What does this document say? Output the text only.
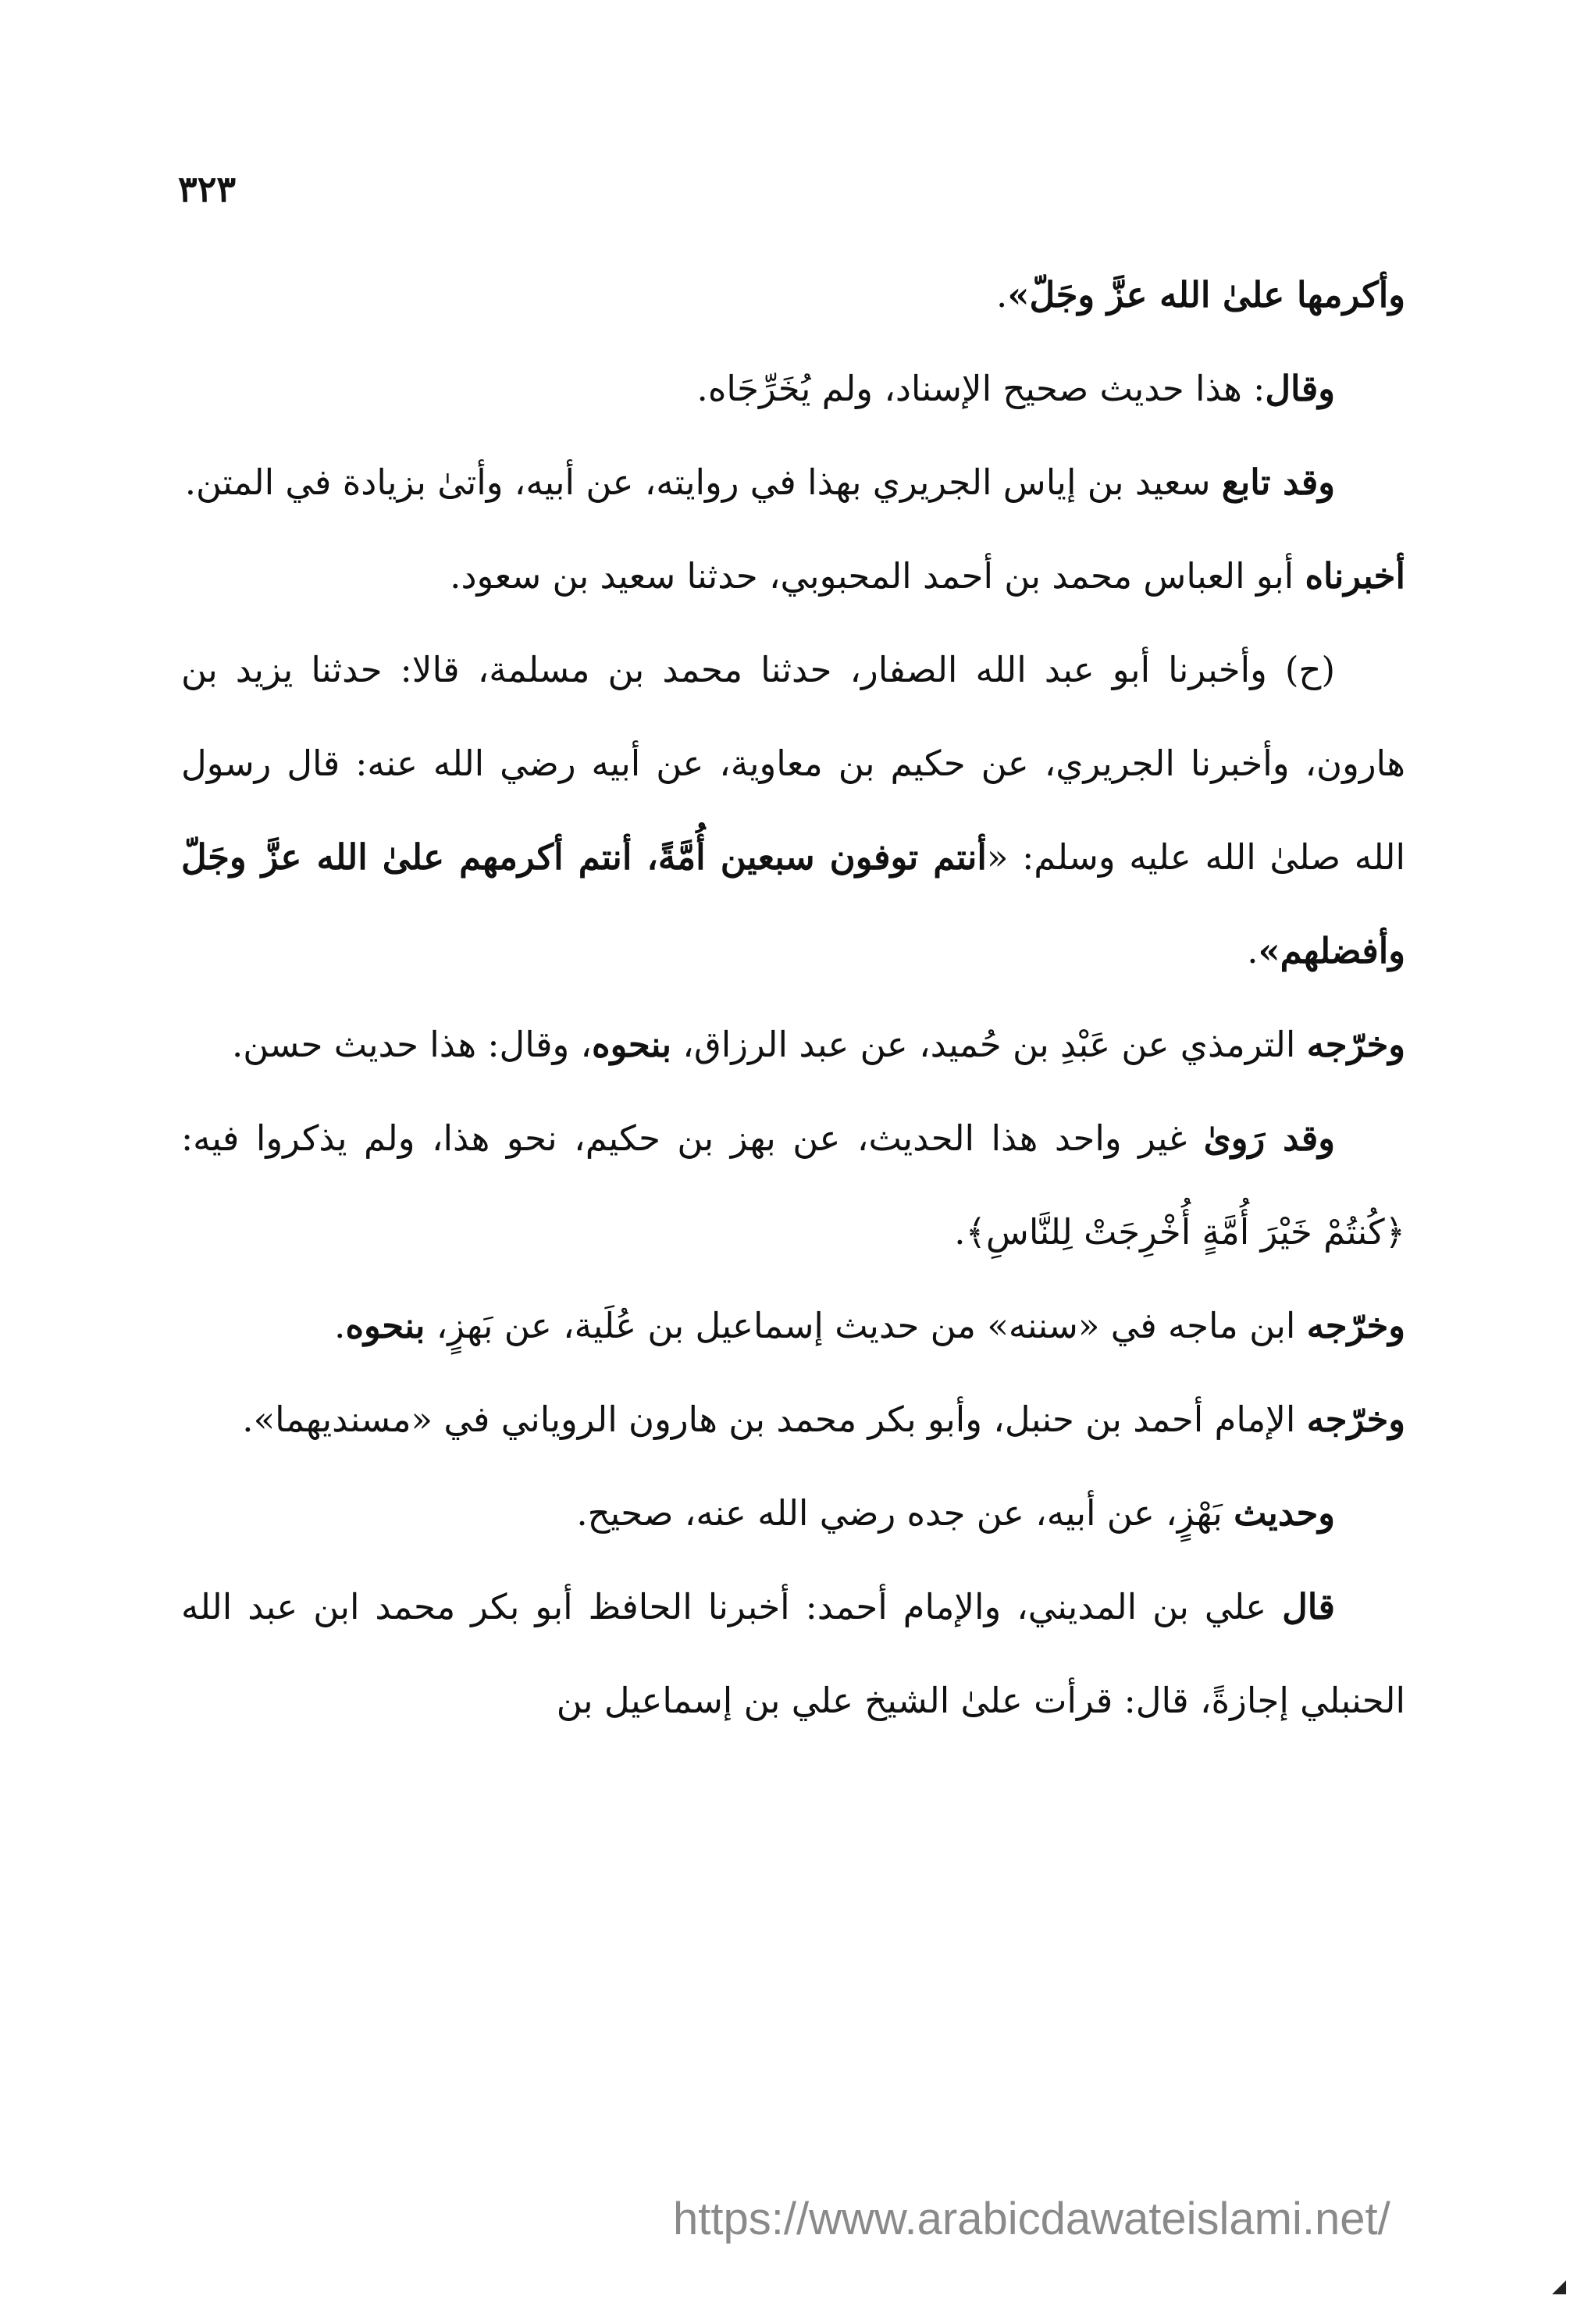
٣٢٣

وأكرمها علىٰ الله عزَّ وجَلّ».

وقال: هذا حديث صحيح الإسناد، ولم يُخَرِّجَاه.

وقد تابع سعيد بن إياس الجريري بهذا في روايته، عن أبيه، وأتىٰ بزيادة في المتن.

أخبرناه أبو العباس محمد بن أحمد المحبوبي، حدثنا سعيد بن سعود.

(ح) وأخبرنا أبو عبد الله الصفار، حدثنا محمد بن مسلمة، قالا: حدثنا يزيد بن هارون، وأخبرنا الجريري، عن حكيم بن معاوية، عن أبيه رضي الله عنه: قال رسول الله صلىٰ الله عليه وسلم: «أنتم توفون سبعين أُمَّةً، أنتم أكرمهم علىٰ الله عزَّ وجَلّ وأفضلهم».

وخرّجه الترمذي عن عَبْدِ بن حُميد، عن عبد الرزاق، بنحوه، وقال: هذا حديث حسن.

وقد رَوىٰ غير واحد هذا الحديث، عن بهز بن حكيم، نحو هذا، ولم يذكروا فيه: ﴿كُنتُمْ خَيْرَ أُمَّةٍ أُخْرِجَتْ لِلنَّاسِ﴾.

وخرّجه ابن ماجه في «سننه» من حديث إسماعيل بن عُلَية، عن بَهزٍ، بنحوه.

وخرّجه الإمام أحمد بن حنبل، وأبو بكر محمد بن هارون الروياني في «مسنديهما».

وحديث بَهْزٍ، عن أبيه، عن جده رضي الله عنه، صحيح.

قال علي بن المديني، والإمام أحمد: أخبرنا الحافظ أبو بكر محمد ابن عبد الله الحنبلي إجازةً، قال: قرأت علىٰ الشيخ علي بن إسماعيل بن

https://www.arabicdawateislami.net/
